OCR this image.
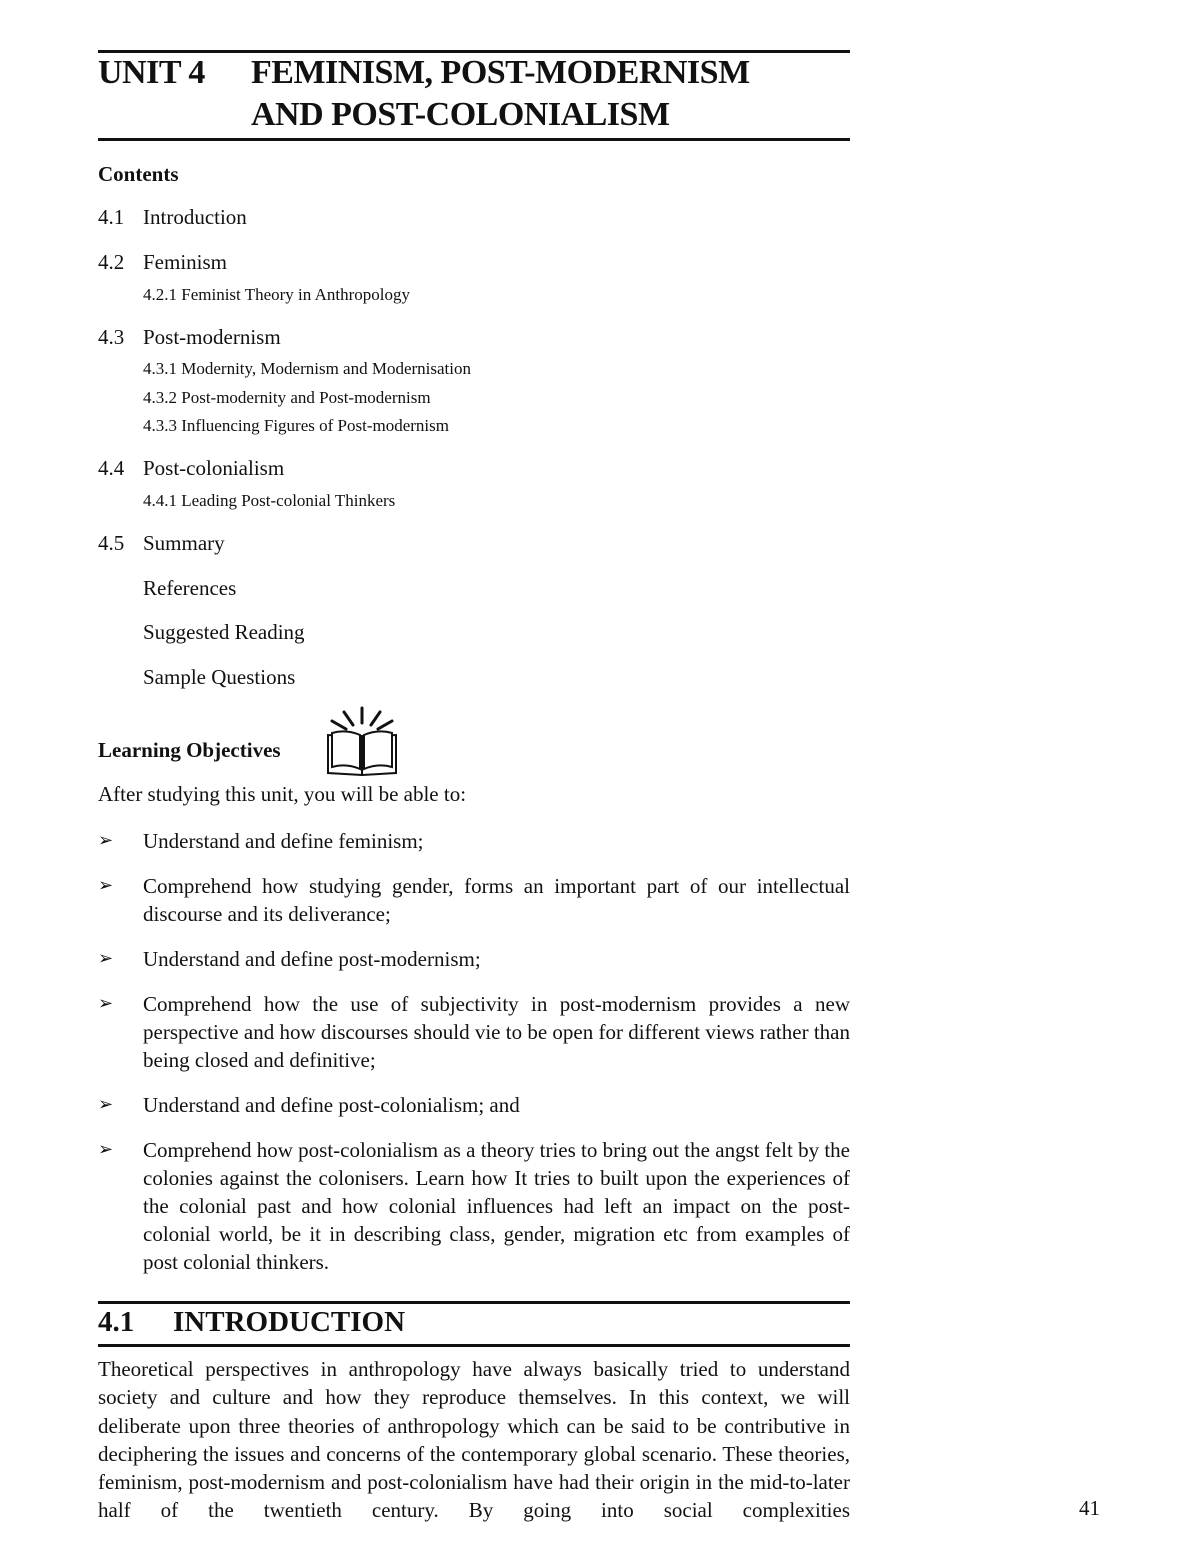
UNIT 4 FEMINISM, POST-MODERNISM
AND POST-COLONIALISM
Contents
4.1 Introduction
4.2 Feminism
4.2.1 Feminist Theory in Anthropology
4.3 Post-modernism
4.3.1 Modernity, Modernism and Modernisation
4.3.2 Post-modernity and Post-modernism
4.3.3 Influencing Figures of Post-modernism
4.4 Post-colonialism
4.4.1 Leading Post-colonial Thinkers
4.5 Summary
References
Suggested Reading
Sample Questions
Learning Objectives
After studying this unit, you will be able to:
➢ Understand and define feminism;
➢ Comprehend how studying gender, forms an important part of our intellectual discourse and its deliverance;
➢ Understand and define post-modernism;
➢ Comprehend how the use of subjectivity in post-modernism provides a new perspective and how discourses should vie to be open for different views rather than being closed and definitive;
➢ Understand and define post-colonialism; and
➢ Comprehend how post-colonialism as a theory tries to bring out the angst felt by the colonies against the colonisers. Learn how It tries to built upon the experiences of the colonial past and how colonial influences had left an impact on the post-colonial world, be it in describing class, gender, migration etc from examples of post colonial thinkers.
4.1 INTRODUCTION
Theoretical perspectives in anthropology have always basically tried to understand society and culture and how they reproduce themselves. In this context, we will deliberate upon three theories of anthropology which can be said to be contributive in deciphering the issues and concerns of the contemporary global scenario. These theories, feminism, post-modernism and post-colonialism have had their origin in the mid-to-later half of the twentieth century. By going into social complexities	41
